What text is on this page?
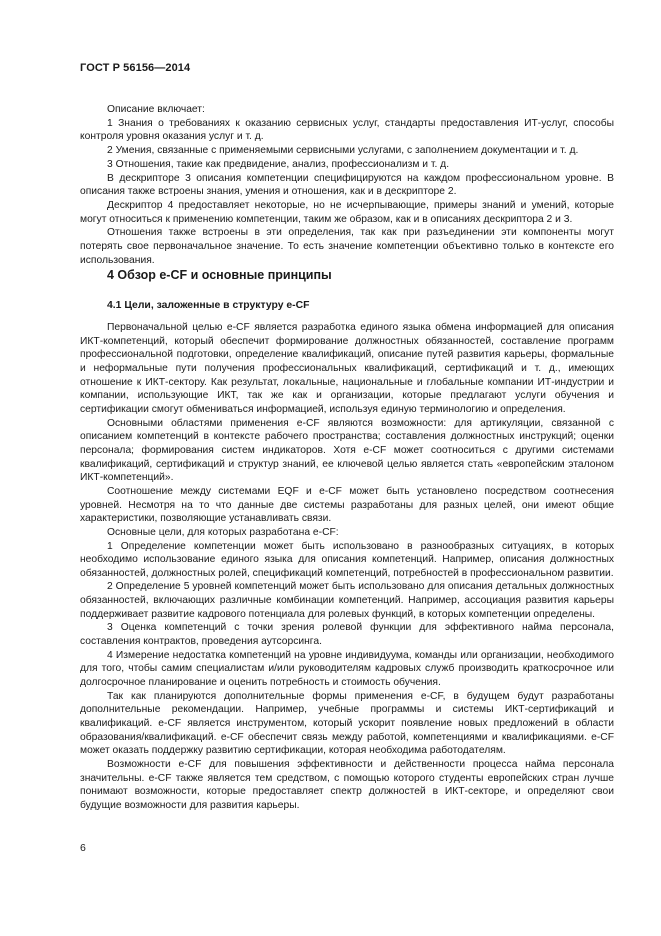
ГОСТ Р 56156—2014

Описание включает:

1 Знания о требованиях к оказанию сервисных услуг, стандарты предоставления ИТ-услуг, способы контроля уровня оказания услуг и т. д.

2 Умения, связанные с применяемыми сервисными услугами, с заполнением документации и т. д.

3 Отношения, такие как предвидение, анализ, профессионализм и т. д.

В дескрипторе 3 описания компетенции специфицируются на каждом профессиональном уровне. В описания также встроены знания, умения и отношения, как и в дескрипторе 2.

Дескриптор 4 предоставляет некоторые, но не исчерпывающие, примеры знаний и умений, которые могут относиться к применению компетенции, таким же образом, как и в описаниях дескриптора 2 и 3.

Отношения также встроены в эти определения, так как при разъединении эти компоненты могут потерять свое первоначальное значение. То есть значение компетенции объективно только в контексте его использования.

4 Обзор e-CF и основные принципы
4.1 Цели, заложенные в структуру e-CF

Первоначальной целью e-CF является разработка единого языка обмена информацией для описания ИКТ-компетенций, который обеспечит формирование должностных обязанностей, составление программ профессиональной подготовки, определение квалификаций, описание путей развития карьеры, формальные и неформальные пути получения профессиональных квалификаций, сертификаций и т. д., имеющих отношение к ИКТ-сектору. Как результат, локальные, национальные и глобальные компании ИТ-индустрии и компании, использующие ИКТ, так же как и организации, которые предлагают услуги обучения и сертификации смогут обмениваться информацией, используя единую терминологию и определения.

Основными областями применения e-CF являются возможности: для артикуляции, связанной с описанием компетенций в контексте рабочего пространства; составления должностных инструкций; оценки персонала; формирования систем индикаторов. Хотя e-CF может соотноситься с другими системами квалификаций, сертификаций и структур знаний, ее ключевой целью является стать «европейским эталоном ИКТ-компетенций».

Соотношение между системами EQF и e-CF может быть установлено посредством соотнесения уровней. Несмотря на то что данные две системы разработаны для разных целей, они имеют общие характеристики, позволяющие устанавливать связи.

Основные цели, для которых разработана e-CF:

1 Определение компетенции может быть использовано в разнообразных ситуациях, в которых необходимо использование единого языка для описания компетенций. Например, описания должностных обязанностей, должностных ролей, спецификаций компетенций, потребностей в профессиональном развитии.

2 Определение 5 уровней компетенций может быть использовано для описания детальных должностных обязанностей, включающих различные комбинации компетенций. Например, ассоциация развития карьеры поддерживает развитие кадрового потенциала для ролевых функций, в которых компетенции определены.

3 Оценка компетенций с точки зрения ролевой функции для эффективного найма персонала, составления контрактов, проведения аутсорсинга.

4 Измерение недостатка компетенций на уровне индивидуума, команды или организации, необходимого для того, чтобы самим специалистам и/или руководителям кадровых служб производить краткосрочное или долгосрочное планирование и оценить потребность и стоимость обучения.

Так как планируются дополнительные формы применения e-CF, в будущем будут разработаны дополнительные рекомендации. Например, учебные программы и системы ИКТ-сертификаций и квалификаций. e-CF является инструментом, который ускорит появление новых предложений в области образования/квалификаций. e-CF обеспечит связь между работой, компетенциями и квалификациями. e-CF может оказать поддержку развитию сертификации, которая необходима работодателям.

Возможности e-CF для повышения эффективности и действенности процесса найма персонала значительны. e-CF также является тем средством, с помощью которого студенты европейских стран лучше понимают возможности, которые предоставляет спектр должностей в ИКТ-секторе, и определяют свои будущие возможности для развития карьеры.

6
